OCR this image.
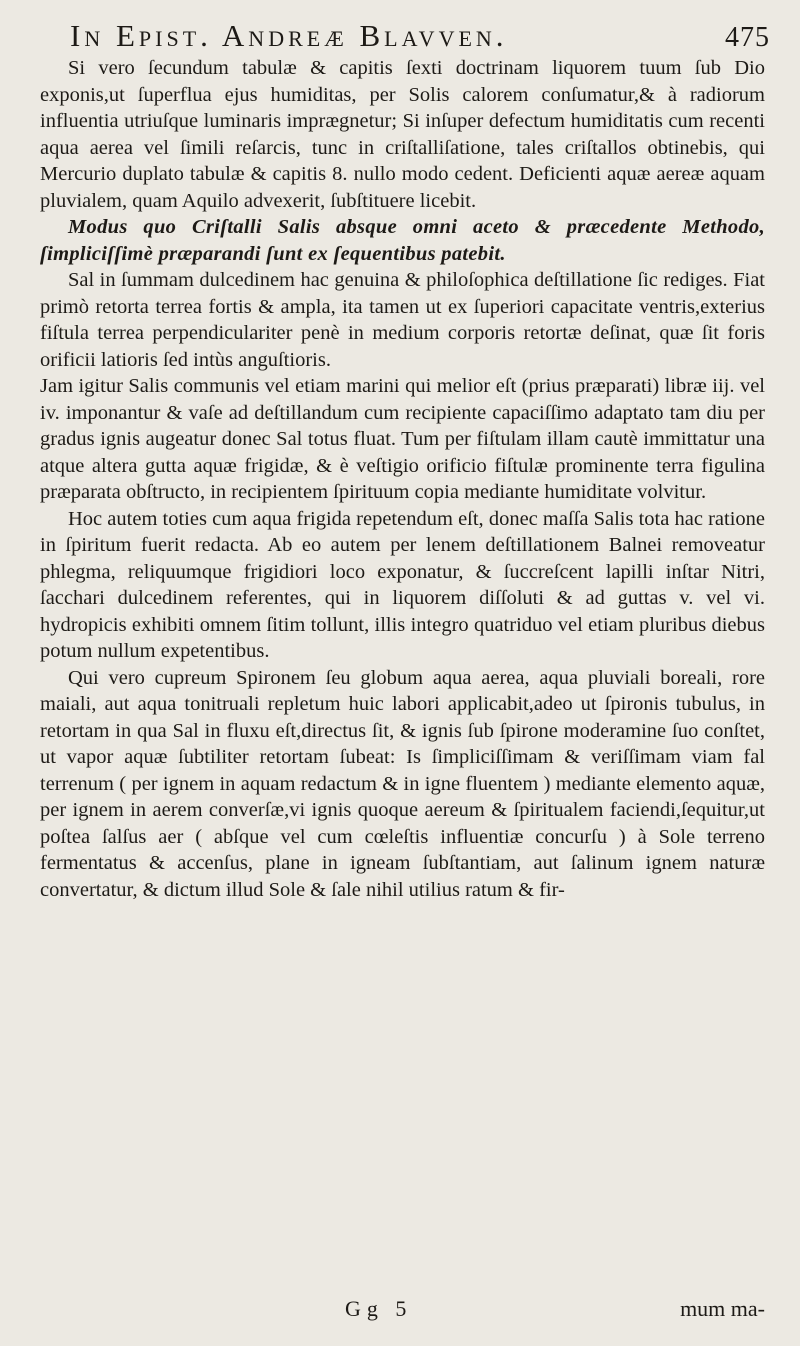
In Epist. Andreæ Blavven.	475

Si vero ſecundum tabulæ & capitis ſexti doctrinam liquorem tuum ſub Dio exponis,ut ſuperflua ejus humiditas, per Solis calorem conſumatur,& à radiorum influentia utriuſque luminaris imprægnetur; Si inſuper defectum humiditatis cum recenti aqua aerea vel ſimili reſarcis, tunc in criſtalliſatione, tales criſtallos obtinebis, qui Mercurio duplato tabulæ & capitis 8. nullo modo cedent. Deficienti aquæ aereæ aquam pluvialem, quam Aquilo advexerit, ſubſtituere licebit.

Modus quo Criſtalli Salis absque omni aceto & præcedente Methodo, ſimpliciſſimè præparandi ſunt ex ſequentibus patebit.

Sal in ſummam dulcedinem hac genuina & philoſophica deſtillatione ſic rediges. Fiat primò retorta terrea fortis & ampla, ita tamen ut ex ſuperiori capacitate ventris,exterius fiſtula terrea perpendiculariter penè in medium corporis retortæ deſinat, quæ ſit foris orificii latioris ſed intùs anguſtioris.

Jam igitur Salis communis vel etiam marini qui melior eſt (prius præparati) libræ iij. vel iv. imponantur & vaſe ad deſtillandum cum recipiente capaciſſimo adaptato tam diu per gradus ignis augeatur donec Sal totus fluat. Tum per fiſtulam illam cautè immittatur una atque altera gutta aquæ frigidæ, & è veſtigio orificio fiſtulæ prominente terra figulina præparata obſtructo, in recipientem ſpirituum copia mediante humiditate volvitur.

Hoc autem toties cum aqua frigida repetendum eſt, donec maſſa Salis tota hac ratione in ſpiritum fuerit redacta. Ab eo autem per lenem deſtillationem Balnei removeatur phlegma, reliquumque frigidiori loco exponatur, & ſuccreſcent lapilli inſtar Nitri, ſacchari dulcedinem referentes, qui in liquorem diſſoluti & ad guttas v. vel vi. hydropicis exhibiti omnem ſitim tollunt, illis integro quatriduo vel etiam pluribus diebus potum nullum expetentibus.

Qui vero cupreum Spironem ſeu globum aqua aerea, aqua pluviali boreali, rore maiali, aut aqua tonitruali repletum huic labori applicabit,adeo ut ſpironis tubulus, in retortam in qua Sal in fluxu eſt,directus ſit, & ignis ſub ſpirone moderamine ſuo conſtet, ut vapor aquæ ſubtiliter retortam ſubeat: Is ſimpliciſſimam & veriſſimam viam fal terrenum ( per ignem in aquam redactum & in igne fluentem ) mediante elemento aquæ, per ignem in aerem converſæ,vi ignis quoque aereum & ſpiritualem faciendi,ſequitur,ut poſtea ſalſus aer ( abſque vel cum cœleſtis influentiæ concurſu ) à Sole terreno fermentatus & accenſus, plane in igneam ſubſtantiam, aut ſalinum ignem naturæ convertatur, & dictum illud Sole & ſale nihil utilius ratum & fir-

Gg 5	mum ma-
